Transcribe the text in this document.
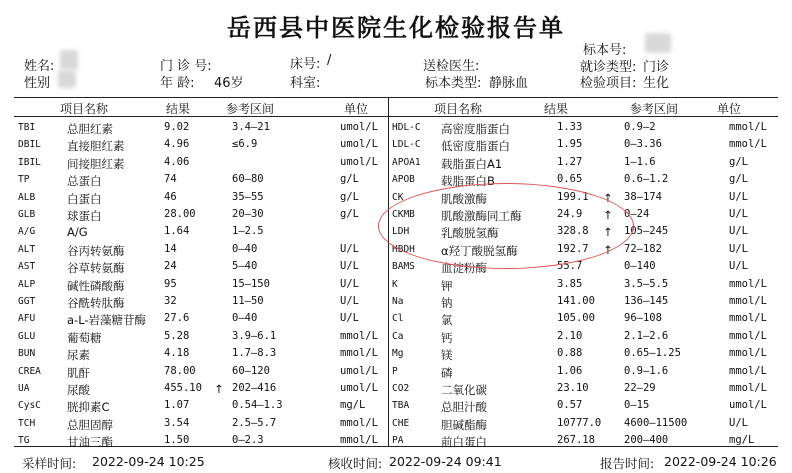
岳西县中医院生化检验报告单
姓名:
性别
门 诊 号:
年 龄: 46岁
床号: /
科室:
送检医生:
标本类型: 静脉血
标本号:
就诊类型: 门诊
检验项目: 生化
项目名称	结果	参考区间	单位	项目名称	结果	参考区间	单位
TBI	总胆红素	9.02	3.4—21	umol/L
DBIL 直接胆红素	4.96	≤6.9	umol/L
IBIL 间接胆红素	4.06	umol/L
TP	总蛋白	74	60—80	g/L
ALB	白蛋白	46	35—55	g/L
GLB	球蛋白	28.00	20—30	g/L
A/G	A/G	1.64	1—2.5
ALT	谷丙转氨酶	14	0—40	U/L
AST	谷草转氨酶	24	5—40	U/L
ALP	碱性磷酸酶	95	15—150	U/L
GGT	谷酰转肽酶	32	11—50	U/L
AFU	a-L-岩藻糖苷酶 27.6	0—40	U/L
GLU	葡萄糖	5.28	3.9—6.1	mmol/L
BUN	尿素	4.18	1.7—8.3	mmol/L
CREA 肌酐	78.00	60—120	umol/L
UA	尿酸	455.10 ↑ 202—416	umol/L
CysC 胱抑素C	1.07	0.54—1.3	mg/L
TCH	总胆固醇	3.54	2.5—5.7	mmol/L
TG	甘油三酯	1.50	0—2.3	mmol/L
HDL-C 高密度脂蛋白	1.33	0.9—2	mmol/L
LDL-C 低密度脂蛋白	1.95	0—3.36	mmol/L
APOA1 载脂蛋白A1	1.27	1—1.6	g/L
APOB 载脂蛋白B	0.65	0.6—1.2	g/L
CK	肌酸激酶	199.1 ↑ 38—174	U/L
CKMB 肌酸激酶同工酶	24.9 ↑ 0—24	U/L
LDH	乳酸脱氢酶	328.8 ↑ 105—245	U/L
HBDH α羟丁酸脱氢酶	192.7 ↑ 72—182	U/L
BAMS 血淀粉酶	55.7	0—140	U/L
K	钾	3.85	3.5—5.5	mmol/L
Na	钠	141.00	136—145	mmol/L
Cl	氯	105.00	96—108	mmol/L
Ca	钙	2.10	2.1—2.6	mmol/L
Mg	镁	0.88	0.65—1.25	mmol/L
P	磷	1.06	0.9—1.6	mmol/L
CO2	二氧化碳	23.10	22—29	mmol/L
TBA	总胆汁酸	0.57	0—15	umol/L
CHE	胆碱酯酶	10777.0 4600—11500	U/L
PA	前白蛋白	267.18	200—400	mg/L
采样时间: 2022-09-24 10:25	核收时间: 2022-09-24 09:41	报告时间: 2022-09-24 10:26
